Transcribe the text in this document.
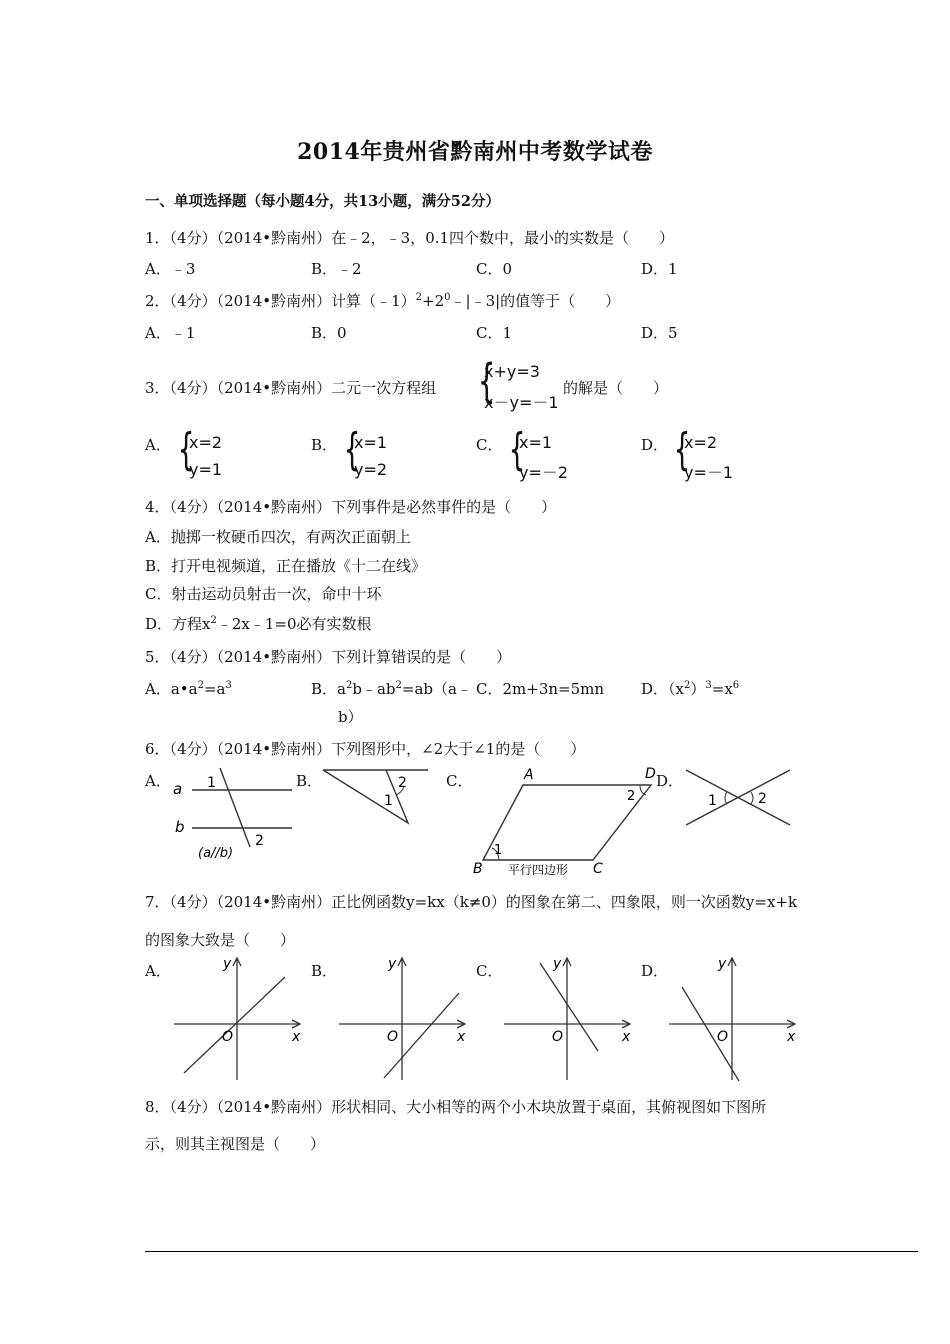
2014年贵州省黔南州中考数学试卷
一、单项选择题（每小题4分，共13小题，满分52分）
1．（4分）（2014•黔南州）在﹣2，﹣3，0.1四个数中，最小的实数是（　　）
A．﹣3	B．﹣2	C．0	D．1
2．（4分）（2014•黔南州）计算$(﹣1)^2+2^0﹣|﹣3|$的值等于（　　）
A．﹣1	B．0	C．1	D．5
3．（4分）（2014•黔南州）二元一次方程组 {
x+y=3
x－y=－1
的解是（　　）
A． {
x=2
y=1
B． {
x=1
y=2
C． {
x=1
y=－2
D． {
x=2
y=－1
4．（4分）（2014•黔南州）下列事件是必然事件的是（　　）
A．抛掷一枚硬币四次，有两次正面朝上
B．打开电视频道，正在播放《十二在线》
C．射击运动员射击一次，命中十环
D．方程$x^2﹣2x﹣1=0$必有实数根
5．（4分）（2014•黔南州）下列计算错误的是（　　）
A．$a•a^2=a^3$	B．$a^2b﹣ab^2=ab(a﹣$
b）
C．2m+3n=5mn D．$(x^2)^3=x^6$
6．（4分）（2014•黔南州）下列图形中，∠2大于∠1的是（　　）
A．	B．	C．	D．
a
b
1
2
(a//b)
2
1
A	D
B	C
1
2
平行四边形
1	2
7．（4分）（2014•黔南州）正比例函数y=kx（k≠0）的图象在第二、四象限，则一次函数y=x+k
的图象大致是（　　）
A．	B．	C．	D．
y
O	x
y
O	x
y
O	x
y
O	x
8．（4分）（2014•黔南州）形状相同、大小相等的两个小木块放置于桌面，其俯视图如下图所
示，则其主视图是（　　）
